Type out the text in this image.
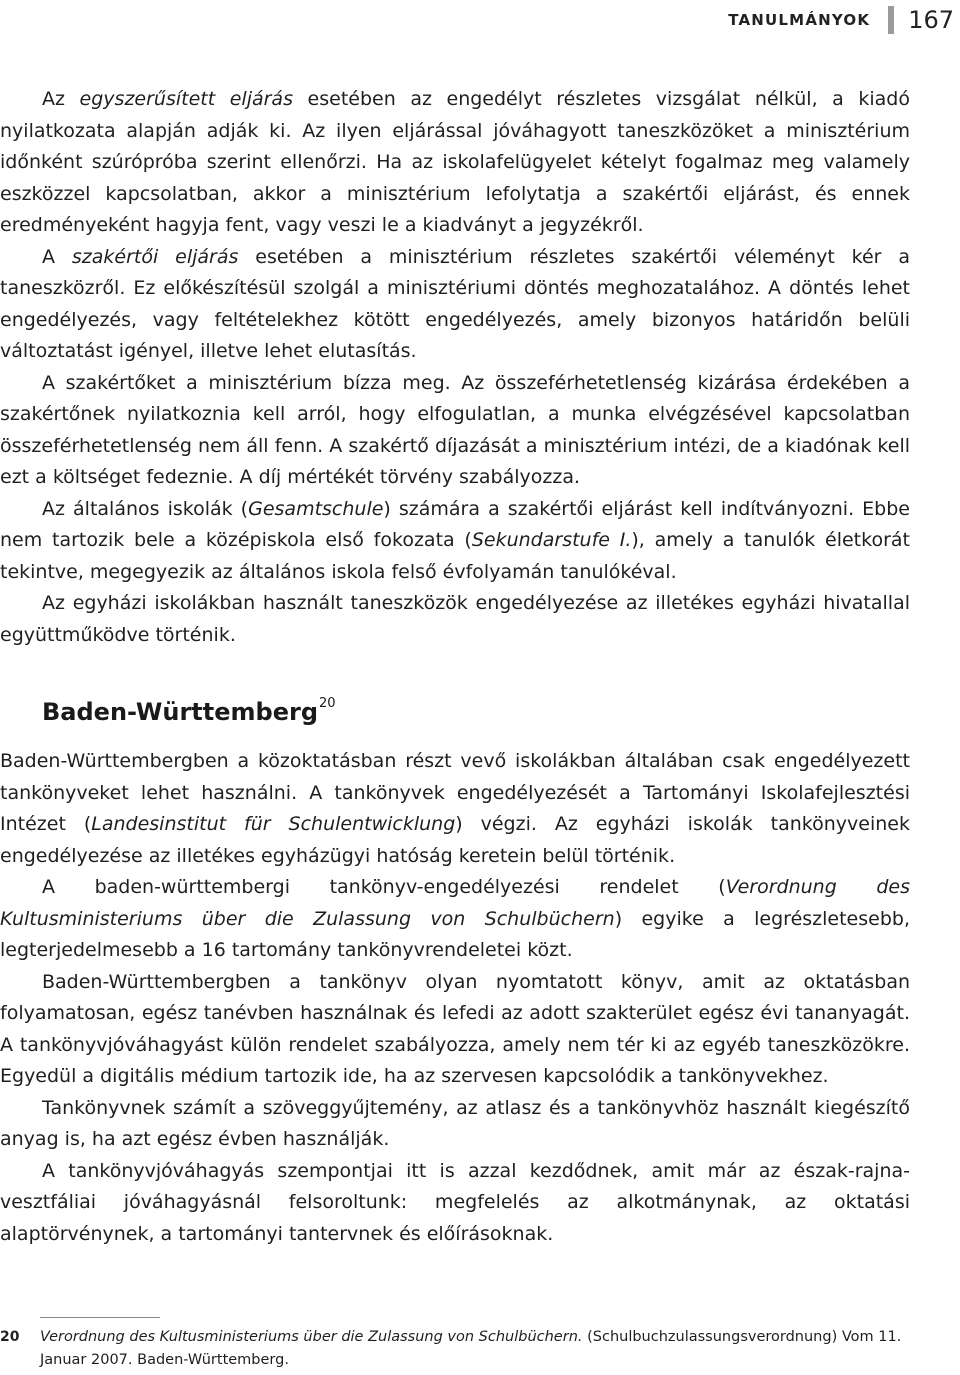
TANULMÁNYOK 167

Az egyszerűsített eljárás esetében az engedélyt részletes vizsgálat nélkül, a kiadó nyilatkozata alapján adják ki. Az ilyen eljárással jóváhagyott taneszközöket a minisztérium időnként szúrópróba szerint ellenőrzi. Ha az iskolafelügyelet kételyt fogalmaz meg valamely eszközzel kapcsolatban, akkor a minisztérium lefolytatja a szakértői eljárást, és ennek eredményeként hagyja fent, vagy veszi le a kiadványt a jegyzékről.

A szakértői eljárás esetében a minisztérium részletes szakértői véleményt kér a taneszközről. Ez előkészítésül szolgál a minisztériumi döntés meghozatalához. A döntés lehet engedélyezés, vagy feltételekhez kötött engedélyezés, amely bizonyos határidőn belüli változtatást igényel, illetve lehet elutasítás.

A szakértőket a minisztérium bízza meg. Az összeférhetetlenség kizárása érdekében a szakértőnek nyilatkoznia kell arról, hogy elfogulatlan, a munka elvégzésével kapcsolatban összeférhetetlenség nem áll fenn. A szakértő díjazását a minisztérium intézi, de a kiadónak kell ezt a költséget fedeznie. A díj mértékét törvény szabályozza.

Az általános iskolák (Gesamtschule) számára a szakértői eljárást kell indítványozni. Ebbe nem tartozik bele a középiskola első fokozata (Sekundarstufe I.), amely a tanulók életkorát tekintve, megegyezik az általános iskola felső évfolyamán tanulókéval.

Az egyházi iskolákban használt taneszközök engedélyezése az illetékes egyházi hivatallal együttműködve történik.

Baden-Württemberg$^{20}$

Baden-Württembergben a közoktatásban részt vevő iskolákban általában csak engedélyezett tankönyveket lehet használni. A tankönyvek engedélyezését a Tartományi Iskolafejlesztési Intézet (Landesinstitut für Schulentwicklung) végzi. Az egyházi iskolák tankönyveinek engedélyezése az illetékes egyházügyi hatóság keretein belül történik.

A baden-württembergi tankönyv-engedélyezési rendelet (Verordnung des Kultusministeriums über die Zulassung von Schulbüchern) egyike a legrészletesebb, legterjedelmesebb a 16 tartomány tankönyvrendeletei közt.

Baden-Württembergben a tankönyv olyan nyomtatott könyv, amit az oktatásban folyamatosan, egész tanévben használnak és lefedi az adott szakterület egész évi tananyagát. A tankönyvjóváhagyást külön rendelet szabályozza, amely nem tér ki az egyéb taneszközökre. Egyedül a digitális médium tartozik ide, ha az szervesen kapcsolódik a tankönyvekhez.

Tankönyvnek számít a szöveggyűjtemény, az atlasz és a tankönyvhöz használt kiegészítő anyag is, ha azt egész évben használják.

A tankönyvjóváhagyás szempontjai itt is azzal kezdődnek, amit már az észak-rajna-vesztfáliai jóváhagyásnál felsoroltunk: megfelelés az alkotmánynak, az oktatási alaptörvénynek, a tartományi tantervnek és előírásoknak.

20	Verordnung des Kultusministeriums über die Zulassung von Schulbüchern. (Schulbuchzulassungsverordnung) Vom 11. Januar 2007. Baden-Württemberg.
